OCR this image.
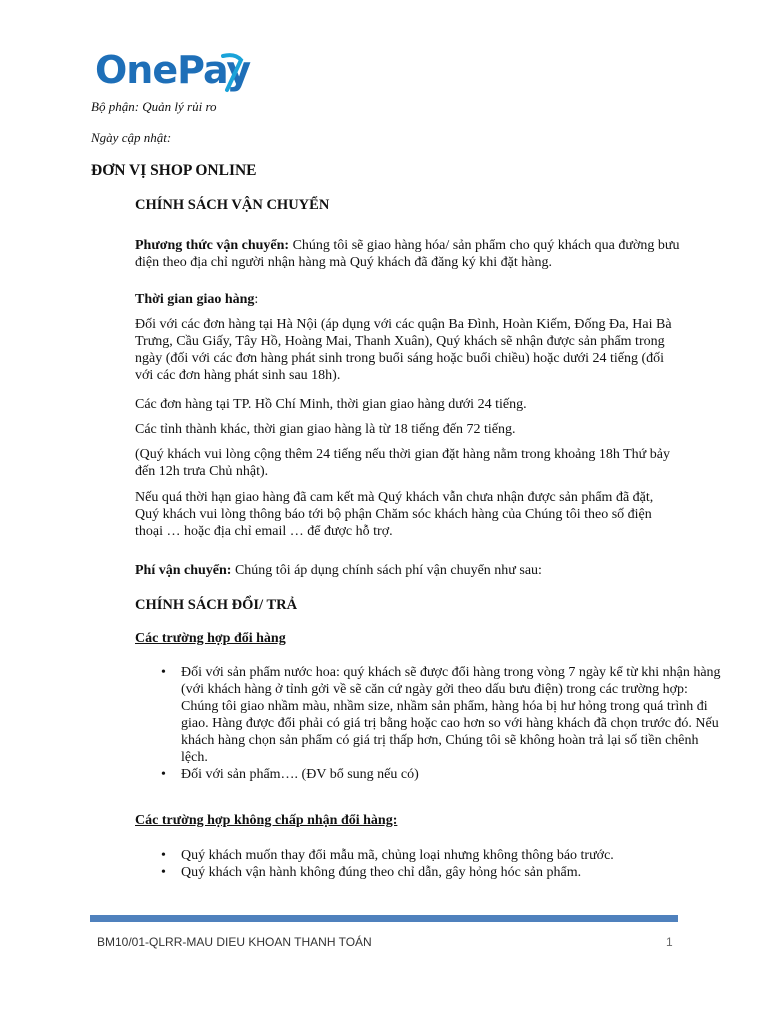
OnePay
Bộ phận: Quản lý rủi ro
Ngày cập nhật:
ĐƠN VỊ SHOP ONLINE
CHÍNH SÁCH VẬN CHUYỂN

Phương thức vận chuyển: Chúng tôi sẽ giao hàng hóa/ sản phẩm cho quý khách qua đường bưu điện theo địa chỉ người nhận hàng mà Quý khách đã đăng ký khi đặt hàng.

Thời gian giao hàng:

Đối với các đơn hàng tại Hà Nội (áp dụng với các quận Ba Đình, Hoàn Kiếm, Đống Đa, Hai Bà Trưng, Cầu Giấy, Tây Hồ, Hoàng Mai, Thanh Xuân), Quý khách sẽ nhận được sản phẩm trong ngày (đối với các đơn hàng phát sinh trong buổi sáng hoặc buổi chiều) hoặc dưới 24 tiếng (đối với các đơn hàng phát sinh sau 18h).
Các đơn hàng tại TP. Hồ Chí Minh, thời gian giao hàng dưới 24 tiếng.
Các tỉnh thành khác, thời gian giao hàng là từ 18 tiếng đến 72 tiếng.
(Quý khách vui lòng cộng thêm 24 tiếng nếu thời gian đặt hàng nằm trong khoảng 18h Thứ bảy đến 12h trưa Chủ nhật).
Nếu quá thời hạn giao hàng đã cam kết mà Quý khách vẫn chưa nhận được sản phẩm đã đặt, Quý khách vui lòng thông báo tới bộ phận Chăm sóc khách hàng của Chúng tôi theo số điện thoại … hoặc địa chỉ email … để được hỗ trợ.

Phí vận chuyển: Chúng tôi áp dụng chính sách phí vận chuyển như sau:

CHÍNH SÁCH ĐỔI/ TRẢ
Các trường hợp đổi hàng
• Đối với sản phẩm nước hoa: quý khách sẽ được đổi hàng trong vòng 7 ngày kể từ khi nhận hàng (với khách hàng ở tỉnh gởi về sẽ căn cứ ngày gởi theo dấu bưu điện) trong các trường hợp: Chúng tôi giao nhầm màu, nhầm size, nhầm sản phẩm, hàng hóa bị hư hỏng trong quá trình đi giao. Hàng được đổi phải có giá trị bằng hoặc cao hơn so với hàng khách đã chọn trước đó. Nếu khách hàng chọn sản phẩm có giá trị thấp hơn, Chúng tôi sẽ không hoàn trả lại số tiền chênh lệch.
• Đối với sản phẩm…. (ĐV bổ sung nếu có)
Các trường hợp không chấp nhận đổi hàng:
• Quý khách muốn thay đổi mẫu mã, chủng loại nhưng không thông báo trước.
• Quý khách vận hành không đúng theo chỉ dẫn, gây hỏng hóc sản phẩm.
BM10/01-QLRR-MAU DIEU KHOAN THANH TOÁN	1
